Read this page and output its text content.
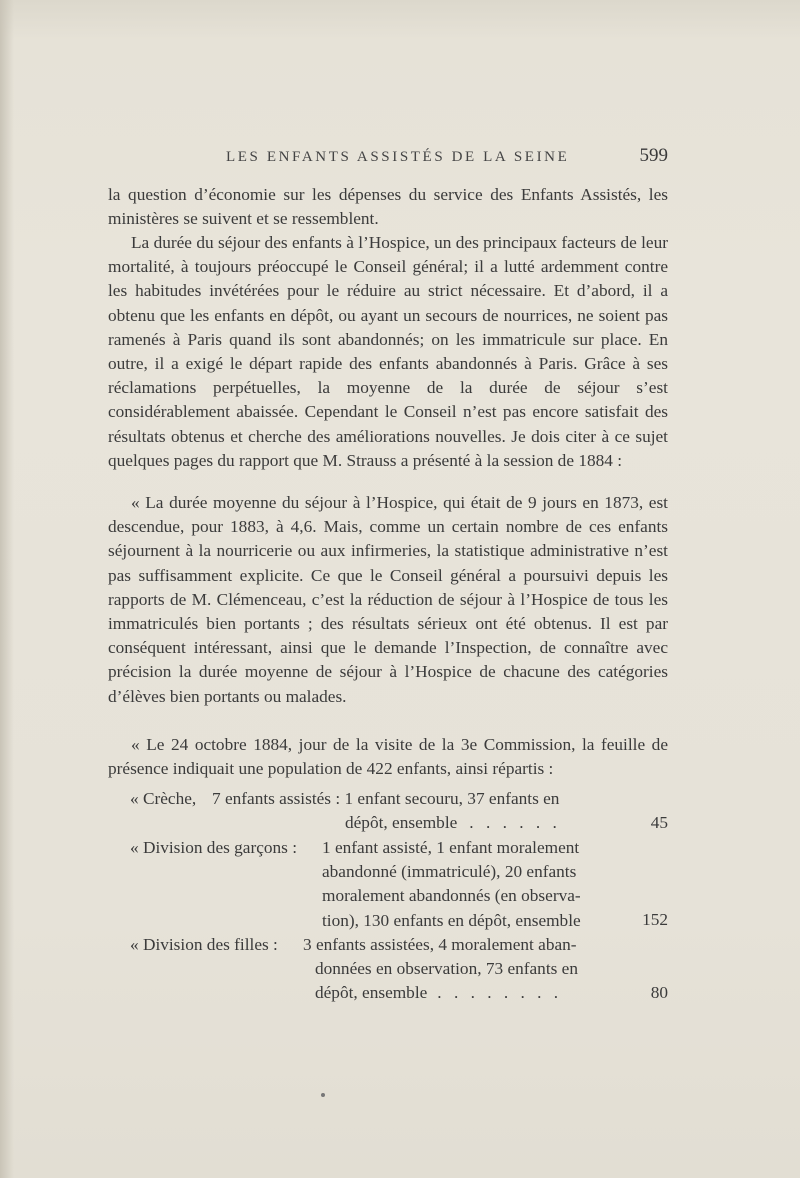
LES ENFANTS ASSISTÉS DE LA SEINE	599

la question d’économie sur les dépenses du service des Enfants Assistés, les ministères se suivent et se ressemblent.

La durée du séjour des enfants à l’Hospice, un des principaux facteurs de leur mortalité, à toujours préoccupé le Conseil général; il a lutté ardemment contre les habitudes invétérées pour le réduire au strict nécessaire. Et d’abord, il a obtenu que les enfants en dépôt, ou ayant un secours de nourrices, ne soient pas ramenés à Paris quand ils sont abandonnés; on les immatricule sur place. En outre, il a exigé le départ rapide des enfants abandonnés à Paris. Grâce à ses réclamations perpétuelles, la moyenne de la durée de séjour s’est considérablement abaissée. Cependant le Conseil n’est pas encore satisfait des résultats obtenus et cherche des améliorations nouvelles. Je dois citer à ce sujet quelques pages du rapport que M. Strauss a présenté à la session de 1884 :

« La durée moyenne du séjour à l’Hospice, qui était de 9 jours en 1873, est descendue, pour 1883, à 4,6. Mais, comme un certain nombre de ces enfants séjournent à la nourricerie ou aux infirmeries, la statistique administrative n’est pas suffisamment explicite. Ce que le Conseil général a poursuivi depuis les rapports de M. Clémenceau, c’est la réduction de séjour à l’Hospice de tous les immatriculés bien portants ; des résultats sérieux ont été obtenus. Il est par conséquent intéressant, ainsi que le demande l’Inspection, de connaître avec précision la durée moyenne de séjour à l’Hospice de chacune des catégories d’élèves bien portants ou malades.

« Le 24 octobre 1884, jour de la visite de la 3e Commission, la feuille de présence indiquait une population de 422 enfants, ainsi répartis :

« Crèche, 7 enfants assistés : 1 enfant secouru, 37 enfants en
dépôt, ensemble . . . . . .	45
« Division des garçons : 1 enfant assisté, 1 enfant moralement
abandonné (immatriculé), 20 enfants
moralement abandonnés (en observa-
tion), 130 enfants en dépôt, ensemble	152
« Division des filles : 3 enfants assistées, 4 moralement aban-
données en observation, 73 enfants en
dépôt, ensemble . . . . . . . .	80
